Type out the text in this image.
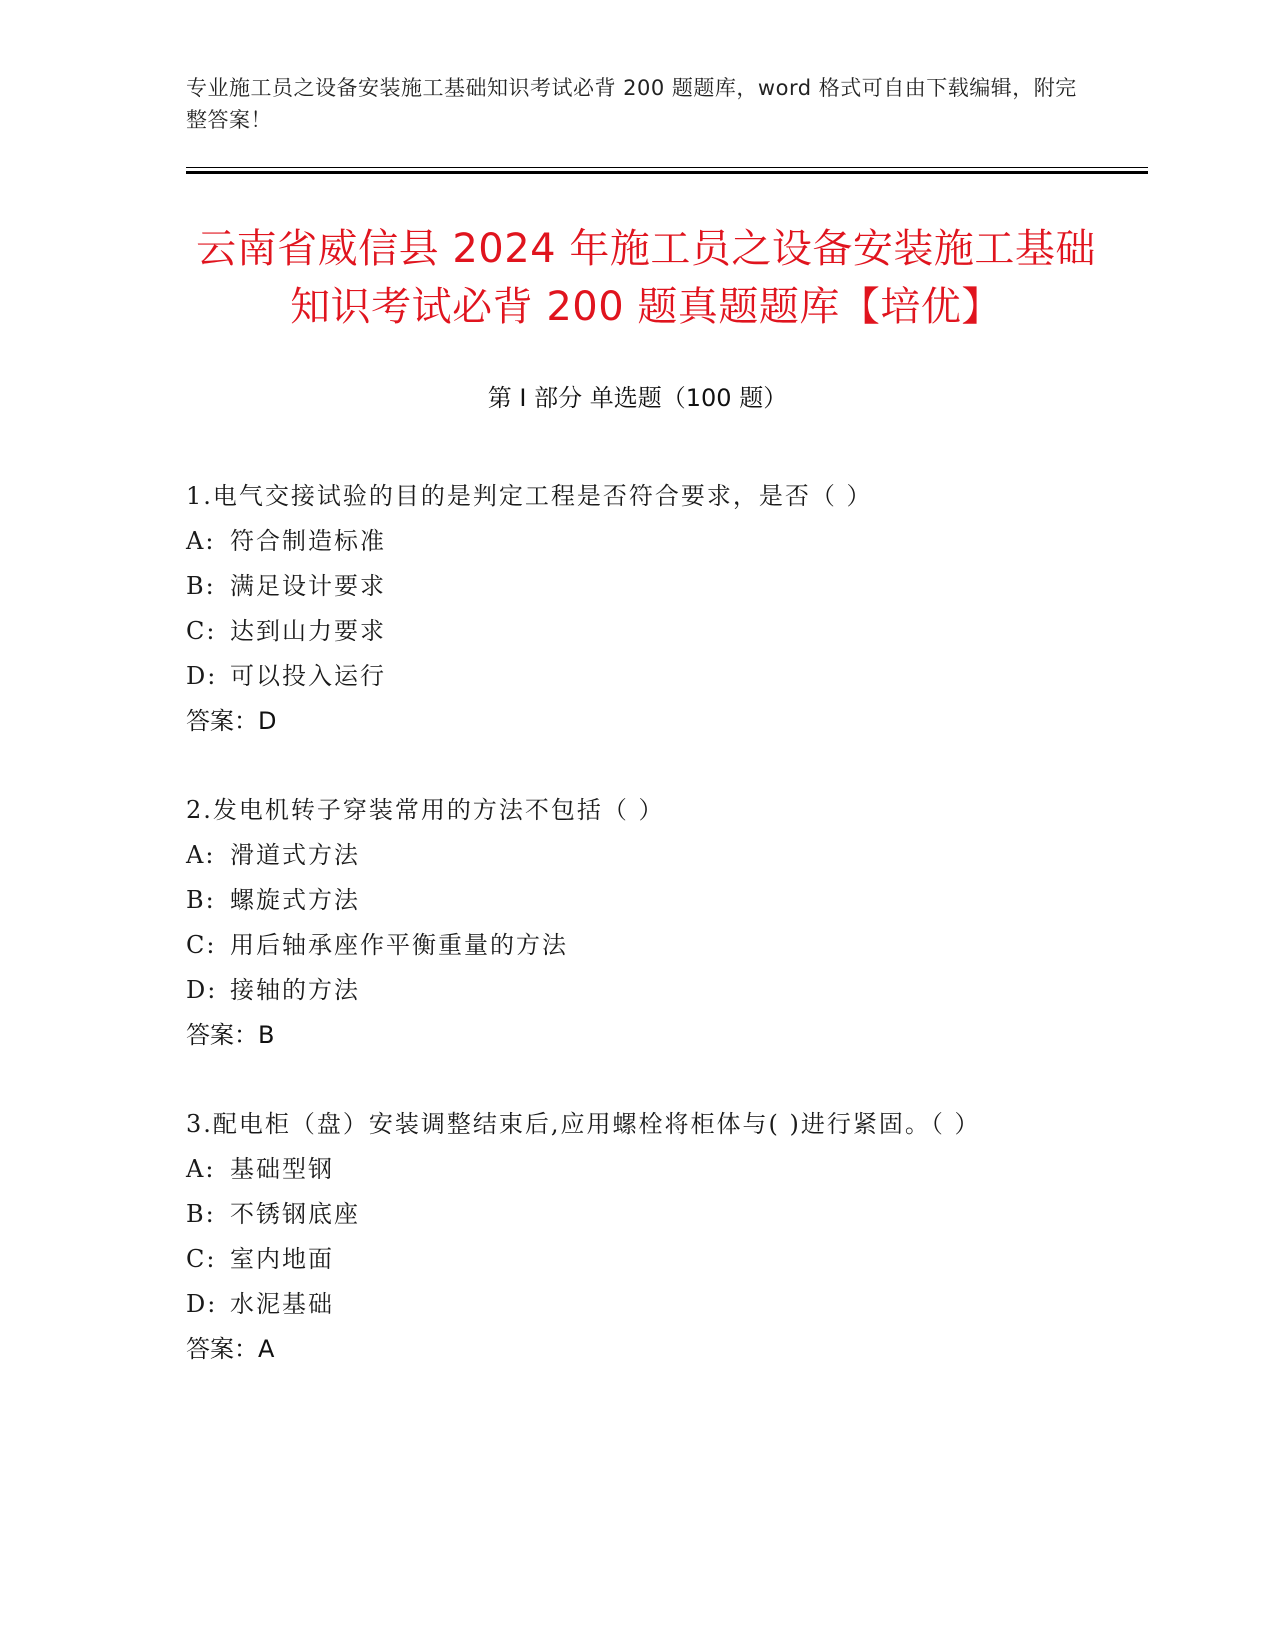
专业施工员之设备安装施工基础知识考试必背 200 题题库，word 格式可自由下载编辑，附完整答案！
云南省威信县 2024 年施工员之设备安装施工基础知识考试必背 200 题真题题库【培优】
第 I 部分 单选题（100 题）
1.电气交接试验的目的是判定工程是否符合要求，是否（ ）
A: 符合制造标准
B: 满足设计要求
C: 达到山力要求
D: 可以投入运行
答案：D
2.发电机转子穿装常用的方法不包括（ ）
A: 滑道式方法
B: 螺旋式方法
C: 用后轴承座作平衡重量的方法
D: 接轴的方法
答案：B
3.配电柜（盘）安装调整结束后,应用螺栓将柜体与( )进行紧固。（ ）
A: 基础型钢
B: 不锈钢底座
C: 室内地面
D: 水泥基础
答案：A
